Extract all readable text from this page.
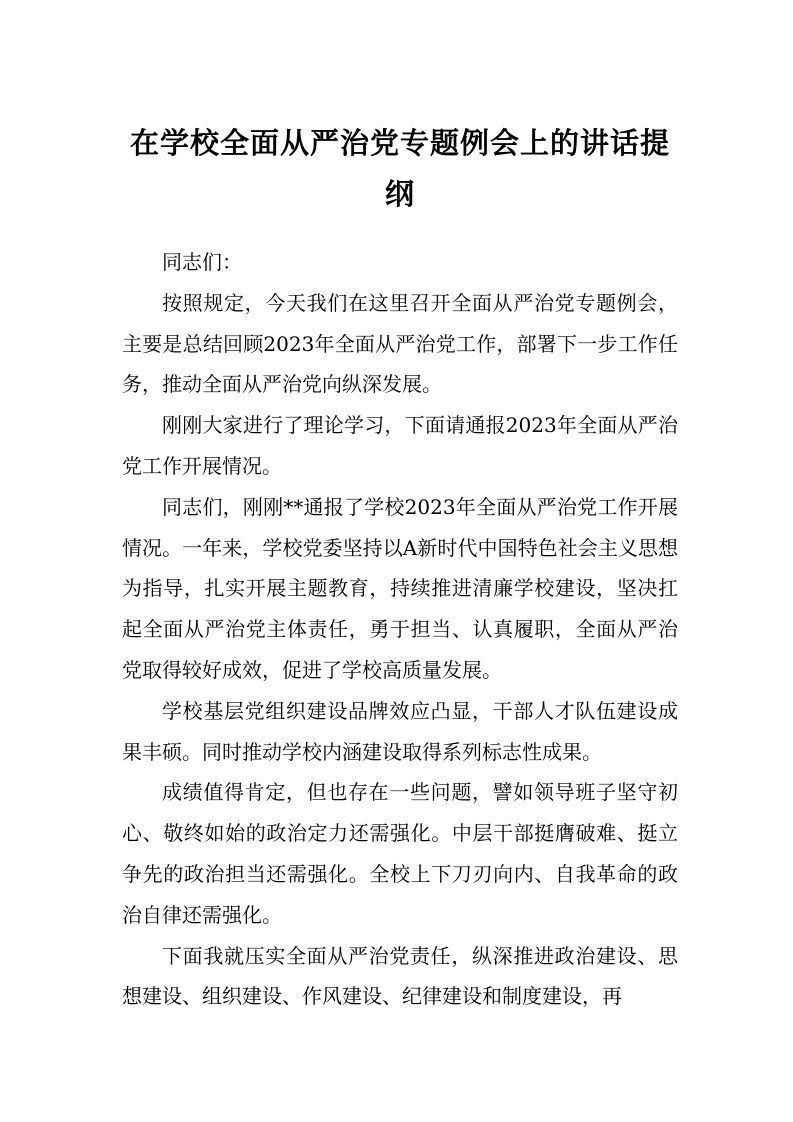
在学校全面从严治党专题例会上的讲话提纲

同志们：

按照规定，今天我们在这里召开全面从严治党专题例会，主要是总结回顾2023年全面从严治党工作，部署下一步工作任务，推动全面从严治党向纵深发展。

刚刚大家进行了理论学习，下面请通报2023年全面从严治党工作开展情况。

同志们，刚刚**通报了学校2023年全面从严治党工作开展情况。一年来，学校党委坚持以A新时代中国特色社会主义思想为指导，扎实开展主题教育，持续推进清廉学校建设，坚决扛起全面从严治党主体责任，勇于担当、认真履职，全面从严治党取得较好成效，促进了学校高质量发展。

学校基层党组织建设品牌效应凸显，干部人才队伍建设成果丰硕。同时推动学校内涵建设取得系列标志性成果。

成绩值得肯定，但也存在一些问题，譬如领导班子坚守初心、敬终如始的政治定力还需强化。中层干部挺膺破难、挺立争先的政治担当还需强化。全校上下刀刃向内、自我革命的政治自律还需强化。

下面我就压实全面从严治党责任，纵深推进政治建设、思想建设、组织建设、作风建设、纪律建设和制度建设，再
